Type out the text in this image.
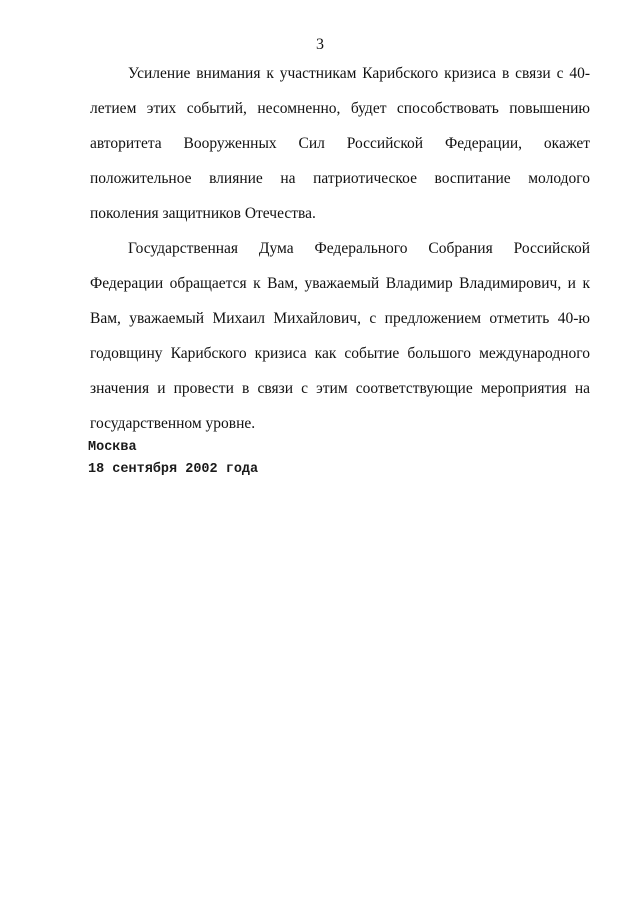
3

Усиление внимания к участникам Карибского кризиса в связи с 40-летием этих событий, несомненно, будет способствовать повышению авторитета Вооруженных Сил Российской Федерации, окажет положительное влияние на патриотическое воспитание молодого поколения защитников Отечества.

Государственная Дума Федерального Собрания Российской Федерации обращается к Вам, уважаемый Владимир Владимирович, и к Вам, уважаемый Михаил Михайлович, с предложением отметить 40-ю годовщину Карибского кризиса как событие большого международного значения и провести в связи с этим соответствующие мероприятия на государственном уровне.

Москва
18 сентября 2002 года
